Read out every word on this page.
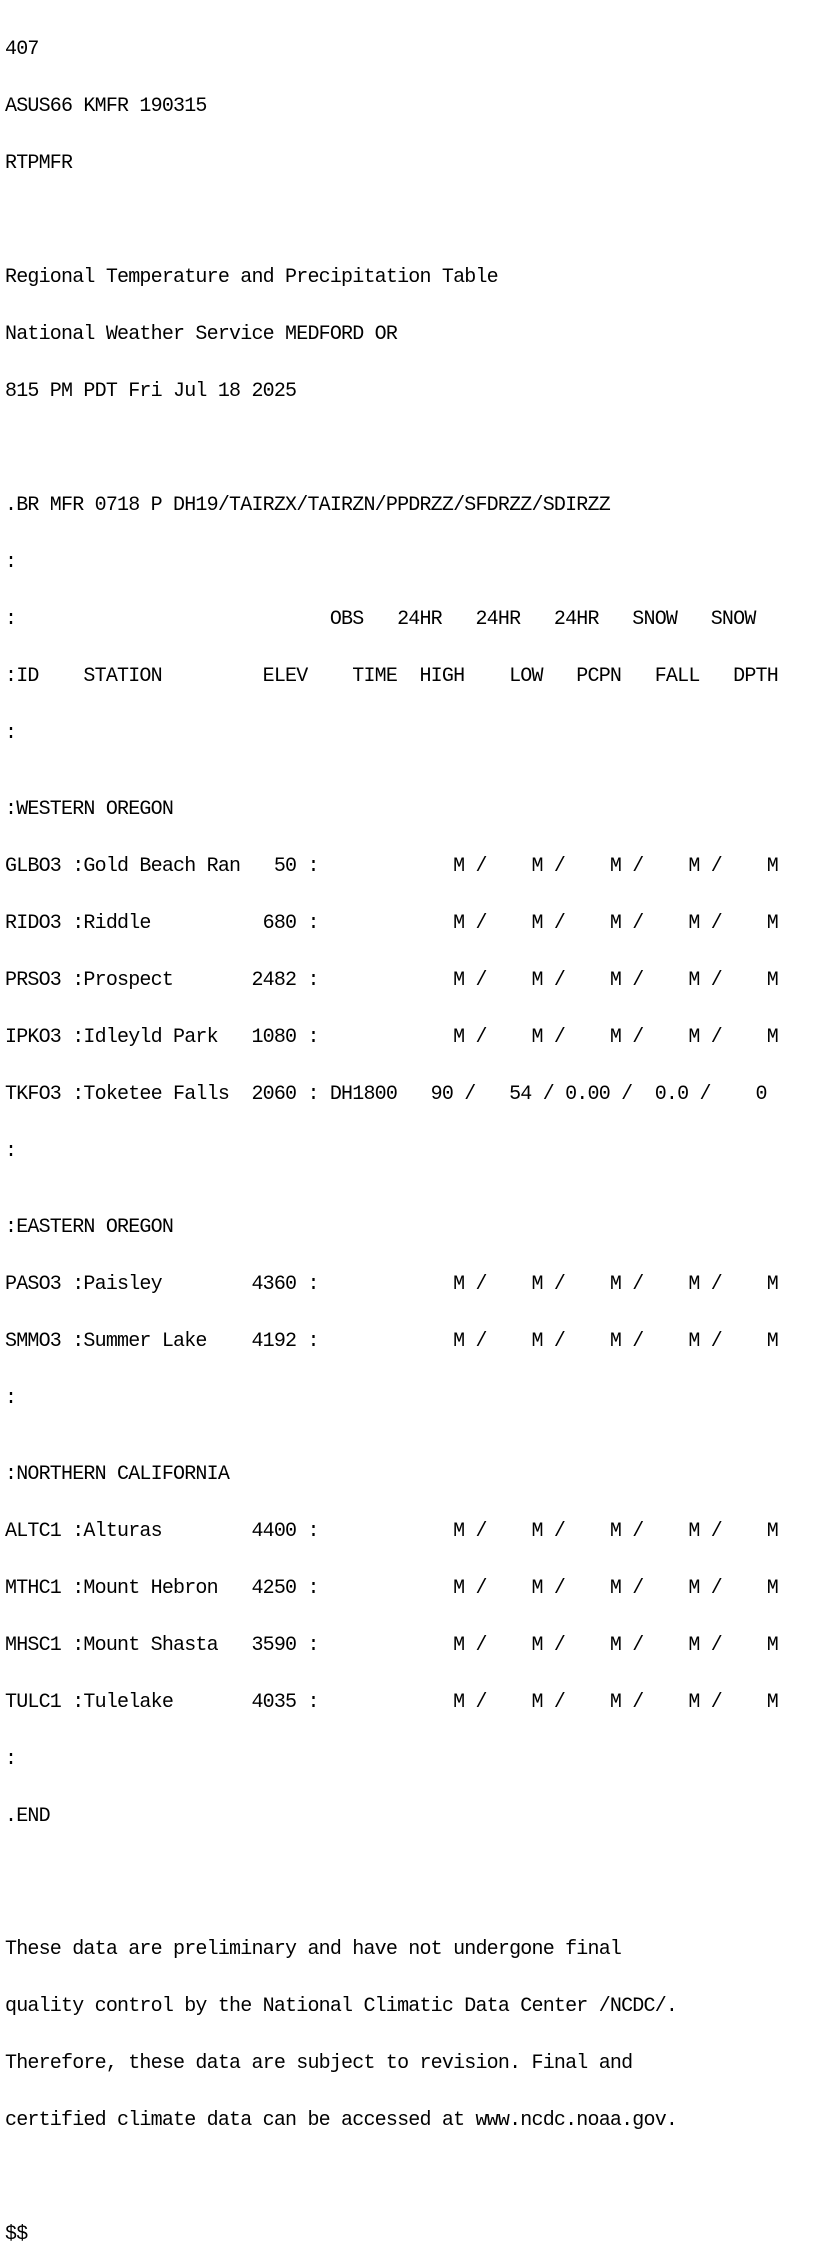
407

ASUS66 KMFR 190315

RTPMFR

Regional Temperature and Precipitation Table

National Weather Service MEDFORD OR

815 PM PDT Fri Jul 18 2025

.BR MFR 0718 P DH19/TAIRZX/TAIRZN/PPDRZZ/SFDRZZ/SDIRZZ

:

:                            OBS   24HR   24HR   24HR   SNOW   SNOW

:ID    STATION         ELEV    TIME  HIGH    LOW   PCPN   FALL   DPTH

:

:WESTERN OREGON

GLBO3 :Gold Beach Ran   50 :            M /    M /    M /    M /    M

RIDO3 :Riddle          680 :            M /    M /    M /    M /    M

PRSO3 :Prospect       2482 :            M /    M /    M /    M /    M

IPKO3 :Idleyld Park   1080 :            M /    M /    M /    M /    M

TKFO3 :Toketee Falls  2060 : DH1800   90 /   54 / 0.00 /  0.0 /    0

:

:EASTERN OREGON

PASO3 :Paisley        4360 :            M /    M /    M /    M /    M

SMMO3 :Summer Lake    4192 :            M /    M /    M /    M /    M

:

:NORTHERN CALIFORNIA

ALTC1 :Alturas        4400 :            M /    M /    M /    M /    M

MTHC1 :Mount Hebron   4250 :            M /    M /    M /    M /    M

MHSC1 :Mount Shasta   3590 :            M /    M /    M /    M /    M

TULC1 :Tulelake       4035 :            M /    M /    M /    M /    M

:

.END

These data are preliminary and have not undergone final

quality control by the National Climatic Data Center /NCDC/.

Therefore, these data are subject to revision. Final and

certified climate data can be accessed at www.ncdc.noaa.gov.

$$
